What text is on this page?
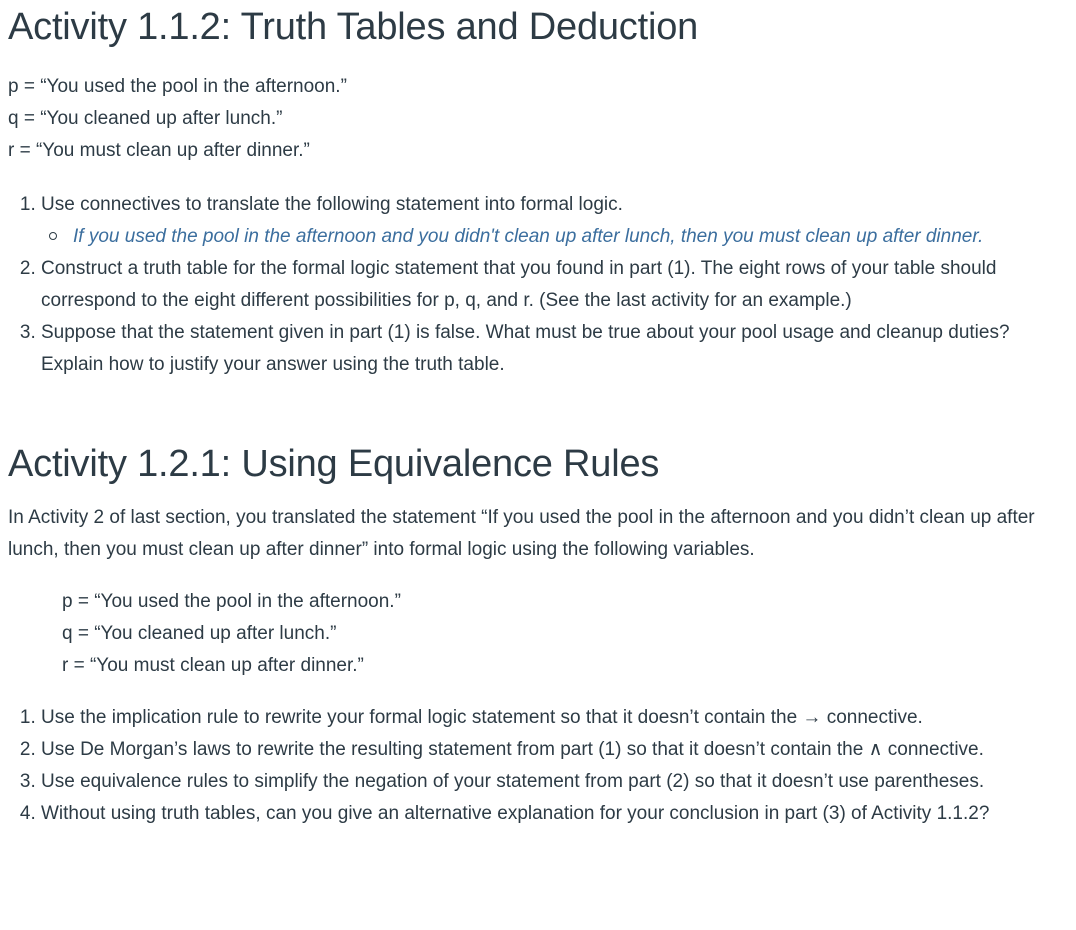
Activity 1.1.2: Truth Tables and Deduction
p = “You used the pool in the afternoon.”
q = “You cleaned up after lunch.”
r = “You must clean up after dinner.”
1. Use connectives to translate the following statement into formal logic.
If you used the pool in the afternoon and you didn't clean up after lunch, then you must clean up after dinner.
2. Construct a truth table for the formal logic statement that you found in part (1). The eight rows of your table should correspond to the eight different possibilities for p, q, and r. (See the last activity for an example.)
3. Suppose that the statement given in part (1) is false. What must be true about your pool usage and cleanup duties? Explain how to justify your answer using the truth table.
Activity 1.2.1: Using Equivalence Rules

In Activity 2 of last section, you translated the statement “If you used the pool in the afternoon and you didn’t clean up after lunch, then you must clean up after dinner” into formal logic using the following variables.

p = “You used the pool in the afternoon.”
q = “You cleaned up after lunch.”
r = “You must clean up after dinner.”
1. Use the implication rule to rewrite your formal logic statement so that it doesn’t contain the → connective.
2. Use De Morgan’s laws to rewrite the resulting statement from part (1) so that it doesn’t contain the ∧ connective.
3. Use equivalence rules to simplify the negation of your statement from part (2) so that it doesn’t use parentheses.
4. Without using truth tables, can you give an alternative explanation for your conclusion in part (3) of Activity 1.1.2?
